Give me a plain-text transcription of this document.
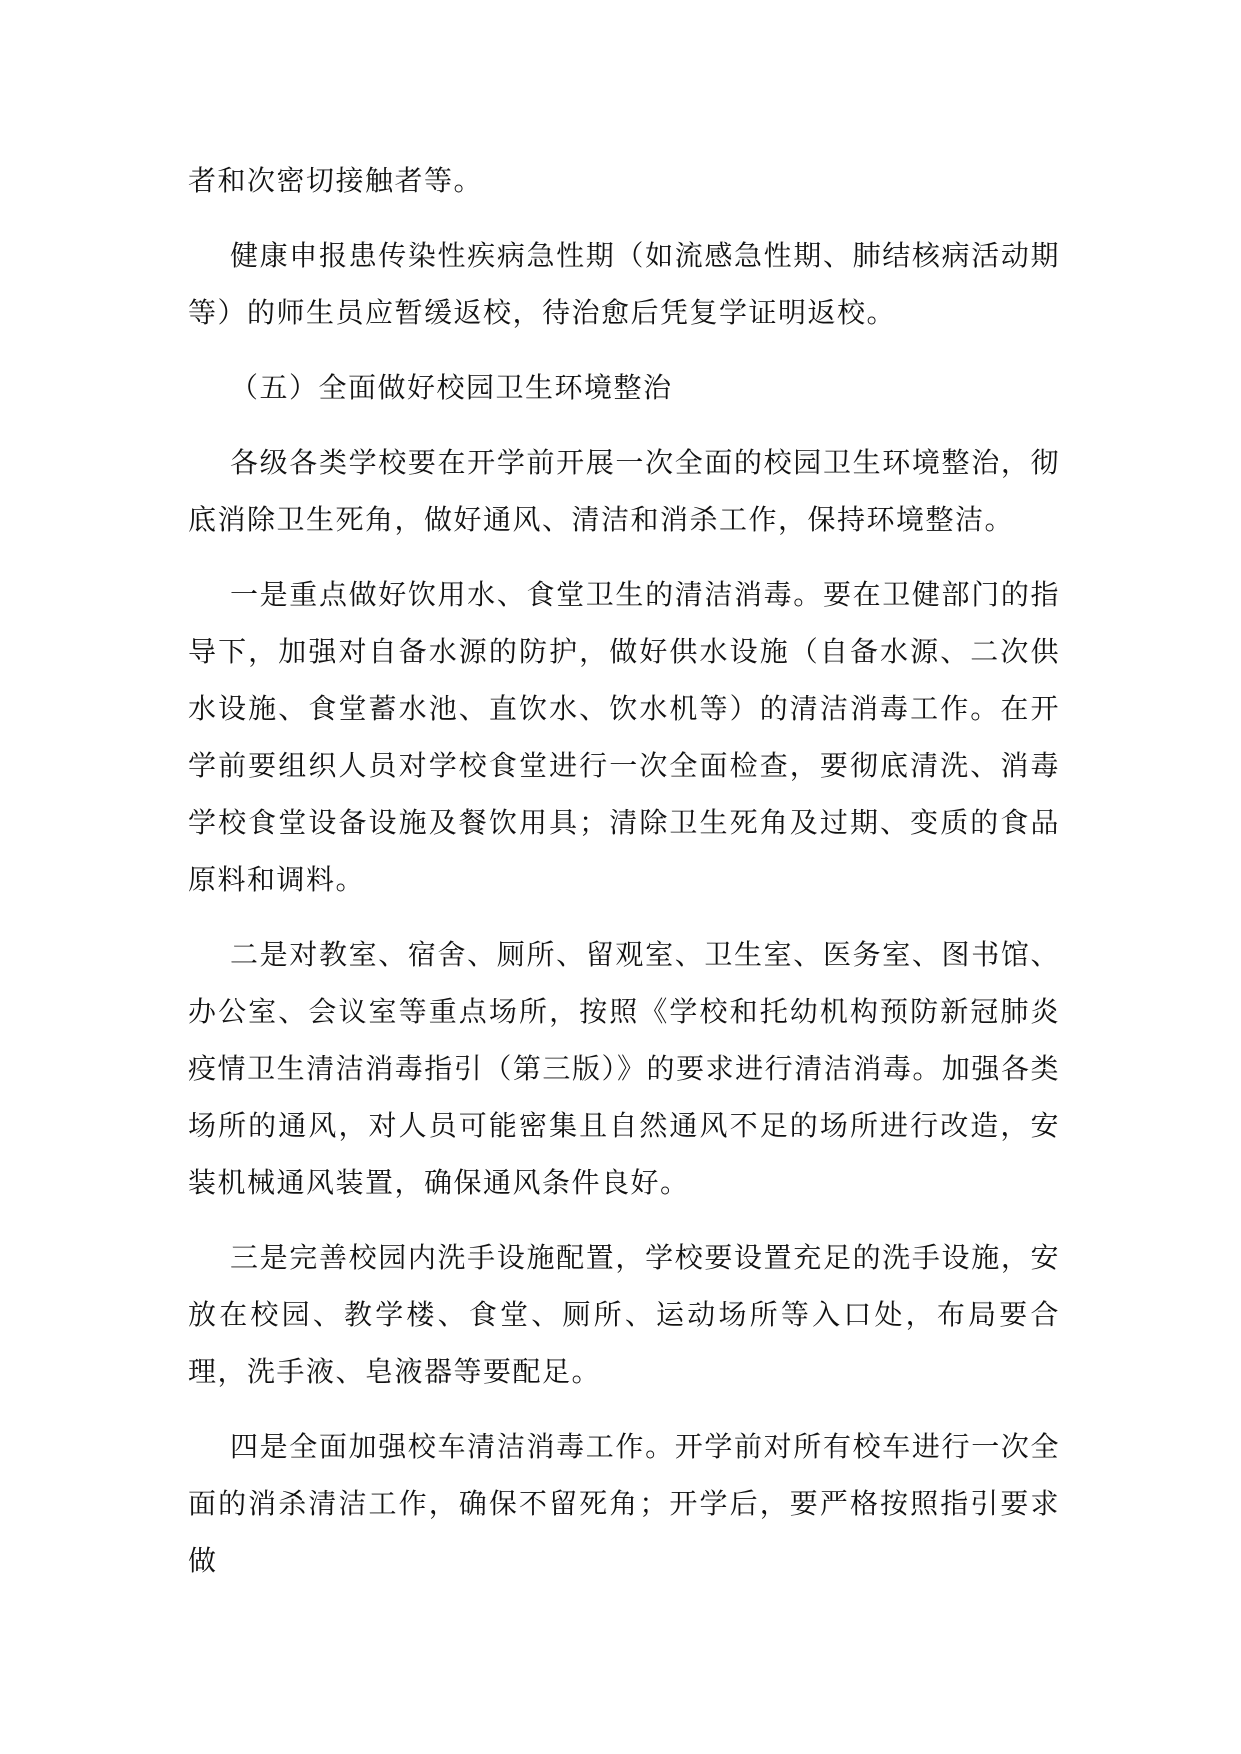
者和次密切接触者等。

健康申报患传染性疾病急性期（如流感急性期、肺结核病活动期等）的师生员应暂缓返校，待治愈后凭复学证明返校。

（五）全面做好校园卫生环境整治

各级各类学校要在开学前开展一次全面的校园卫生环境整治，彻底消除卫生死角，做好通风、清洁和消杀工作，保持环境整洁。

一是重点做好饮用水、食堂卫生的清洁消毒。要在卫健部门的指导下，加强对自备水源的防护，做好供水设施（自备水源、二次供水设施、食堂蓄水池、直饮水、饮水机等）的清洁消毒工作。在开学前要组织人员对学校食堂进行一次全面检查，要彻底清洗、消毒学校食堂设备设施及餐饮用具；清除卫生死角及过期、变质的食品原料和调料。

二是对教室、宿舍、厕所、留观室、卫生室、医务室、图书馆、办公室、会议室等重点场所，按照《学校和托幼机构预防新冠肺炎疫情卫生清洁消毒指引（第三版）》的要求进行清洁消毒。加强各类场所的通风，对人员可能密集且自然通风不足的场所进行改造，安装机械通风装置，确保通风条件良好。

三是完善校园内洗手设施配置，学校要设置充足的洗手设施，安放在校园、教学楼、食堂、厕所、运动场所等入口处，布局要合理，洗手液、皂液器等要配足。

四是全面加强校车清洁消毒工作。开学前对所有校车进行一次全面的消杀清洁工作，确保不留死角；开学后，要严格按照指引要求做
